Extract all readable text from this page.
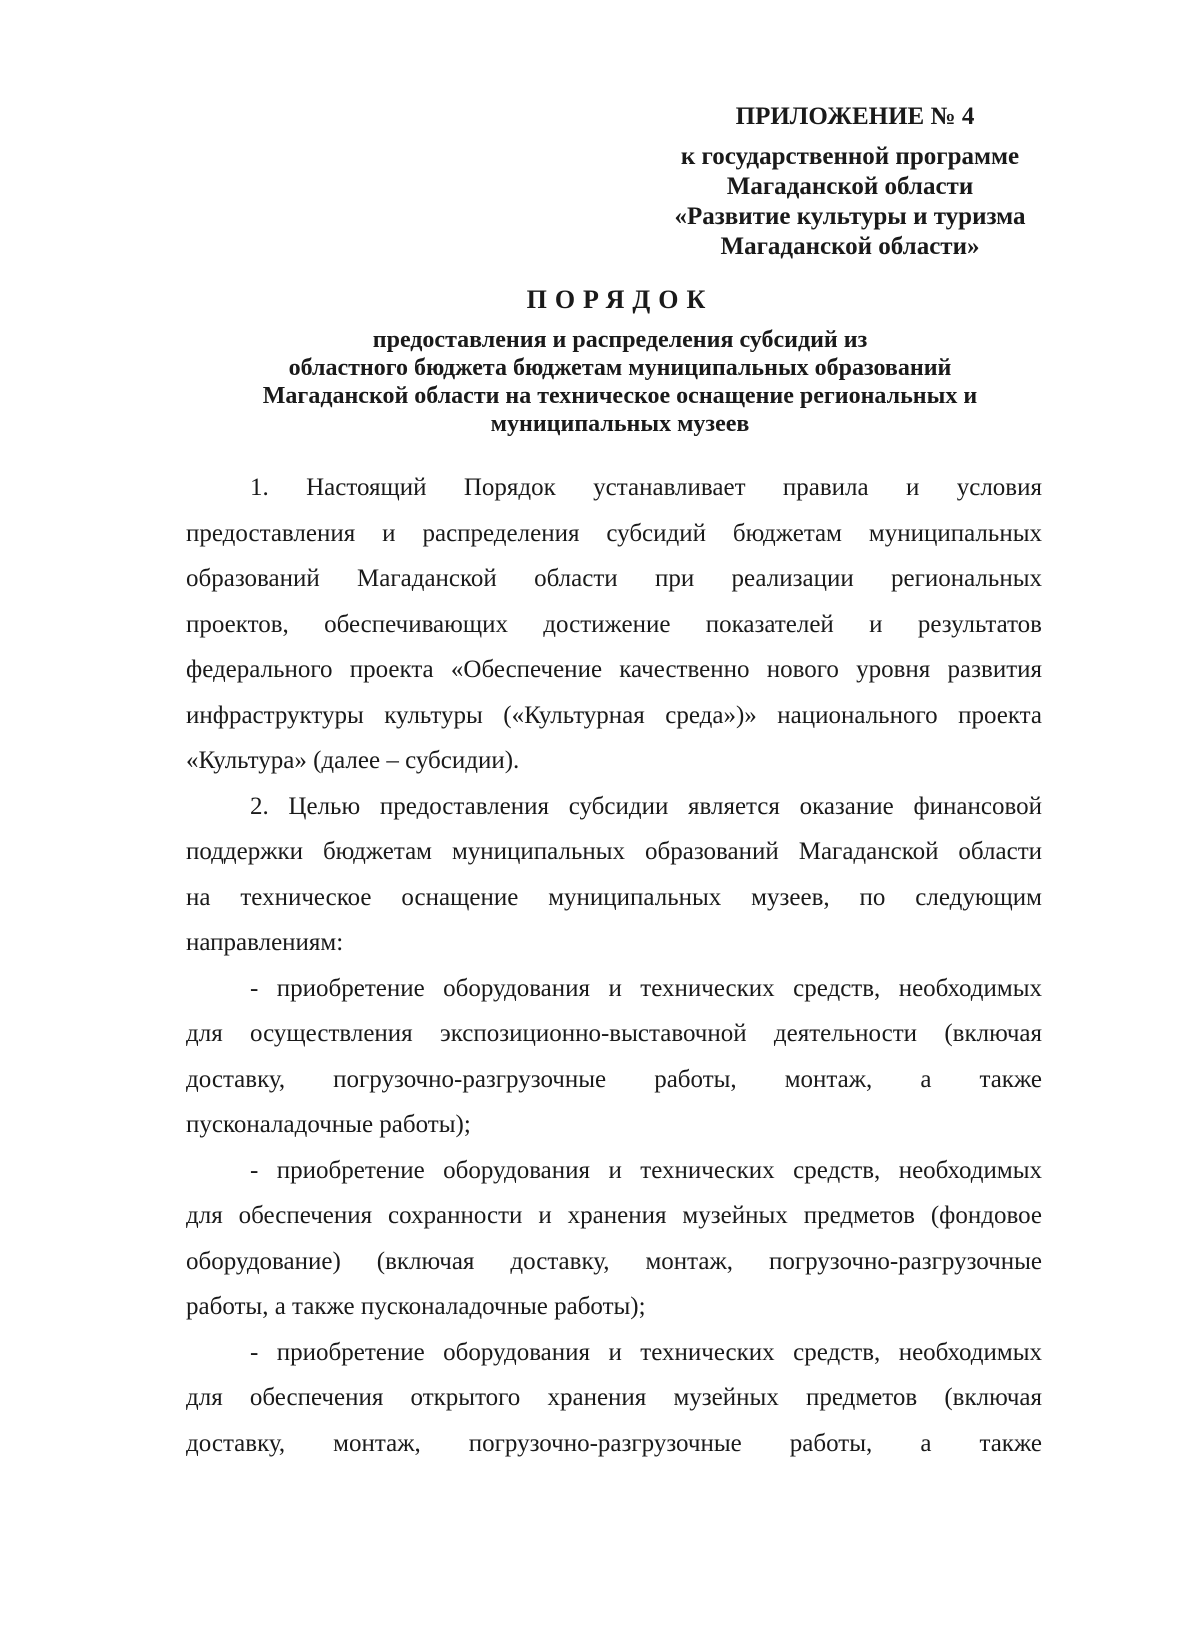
ПРИЛОЖЕНИЕ № 4
к государственной программе
Магаданской области
«Развитие культуры и туризма
Магаданской области»
ПОРЯДОК
предоставления и распределения субсидий из
областного бюджета бюджетам муниципальных образований
Магаданской области на техническое оснащение региональных и
муниципальных музеев
1. Настоящий Порядок устанавливает правила и условия
предоставления и распределения субсидий бюджетам муниципальных
образований Магаданской области при реализации региональных
проектов, обеспечивающих достижение показателей и результатов
федерального проекта «Обеспечение качественно нового уровня развития
инфраструктуры культуры («Культурная среда»)» национального проекта
«Культура» (далее – субсидии).
2. Целью предоставления субсидии является оказание финансовой
поддержки бюджетам муниципальных образований Магаданской области
на техническое оснащение муниципальных музеев, по следующим
направлениям:
- приобретение оборудования и технических средств, необходимых
для осуществления экспозиционно-выставочной деятельности (включая
доставку, погрузочно-разгрузочные работы, монтаж, а также
пусконаладочные работы);
- приобретение оборудования и технических средств, необходимых
для обеспечения сохранности и хранения музейных предметов (фондовое
оборудование) (включая доставку, монтаж, погрузочно-разгрузочные
работы, а также пусконаладочные работы);
- приобретение оборудования и технических средств, необходимых
для обеспечения открытого хранения музейных предметов (включая
доставку, монтаж, погрузочно-разгрузочные работы, а также
